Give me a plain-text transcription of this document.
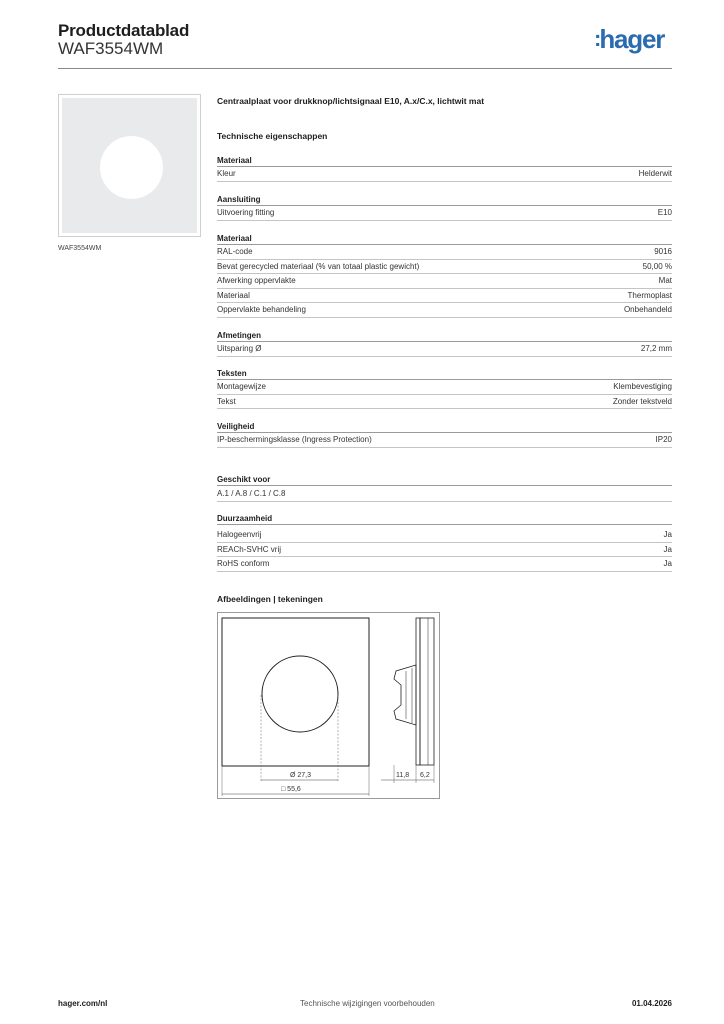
Productdatablad
WAF3554WM	:hager
WAF3554WM
Centraalplaat voor drukknop/lichtsignaal E10, A.x/C.x, lichtwit mat
Technische eigenschappen
Materiaal
Kleur	Helderwit
Aansluiting
Uitvoering fitting	E10
Materiaal
RAL-code	9016
Bevat gerecycled materiaal (% van totaal plastic gewicht)	50,00 %
Afwerking oppervlakte	Mat
Materiaal	Thermoplast
Oppervlakte behandeling	Onbehandeld
Afmetingen
Uitsparing Ø	27,2 mm
Teksten
Montagewijze	Klembevestiging
Tekst	Zonder tekstveld
Veiligheid
IP-beschermingsklasse (Ingress Protection)	IP20
Geschikt voor
A.1 / A.8 / C.1 / C.8
Duurzaamheid
Halogeenvrij	Ja
REACh-SVHC vrij	Ja
RoHS conform	Ja
Afbeeldingen | tekeningen
Ø 27,3
□ 55,6
11,8 6,2
hager.com/nl	Technische wijzigingen voorbehouden	01.04.2026
